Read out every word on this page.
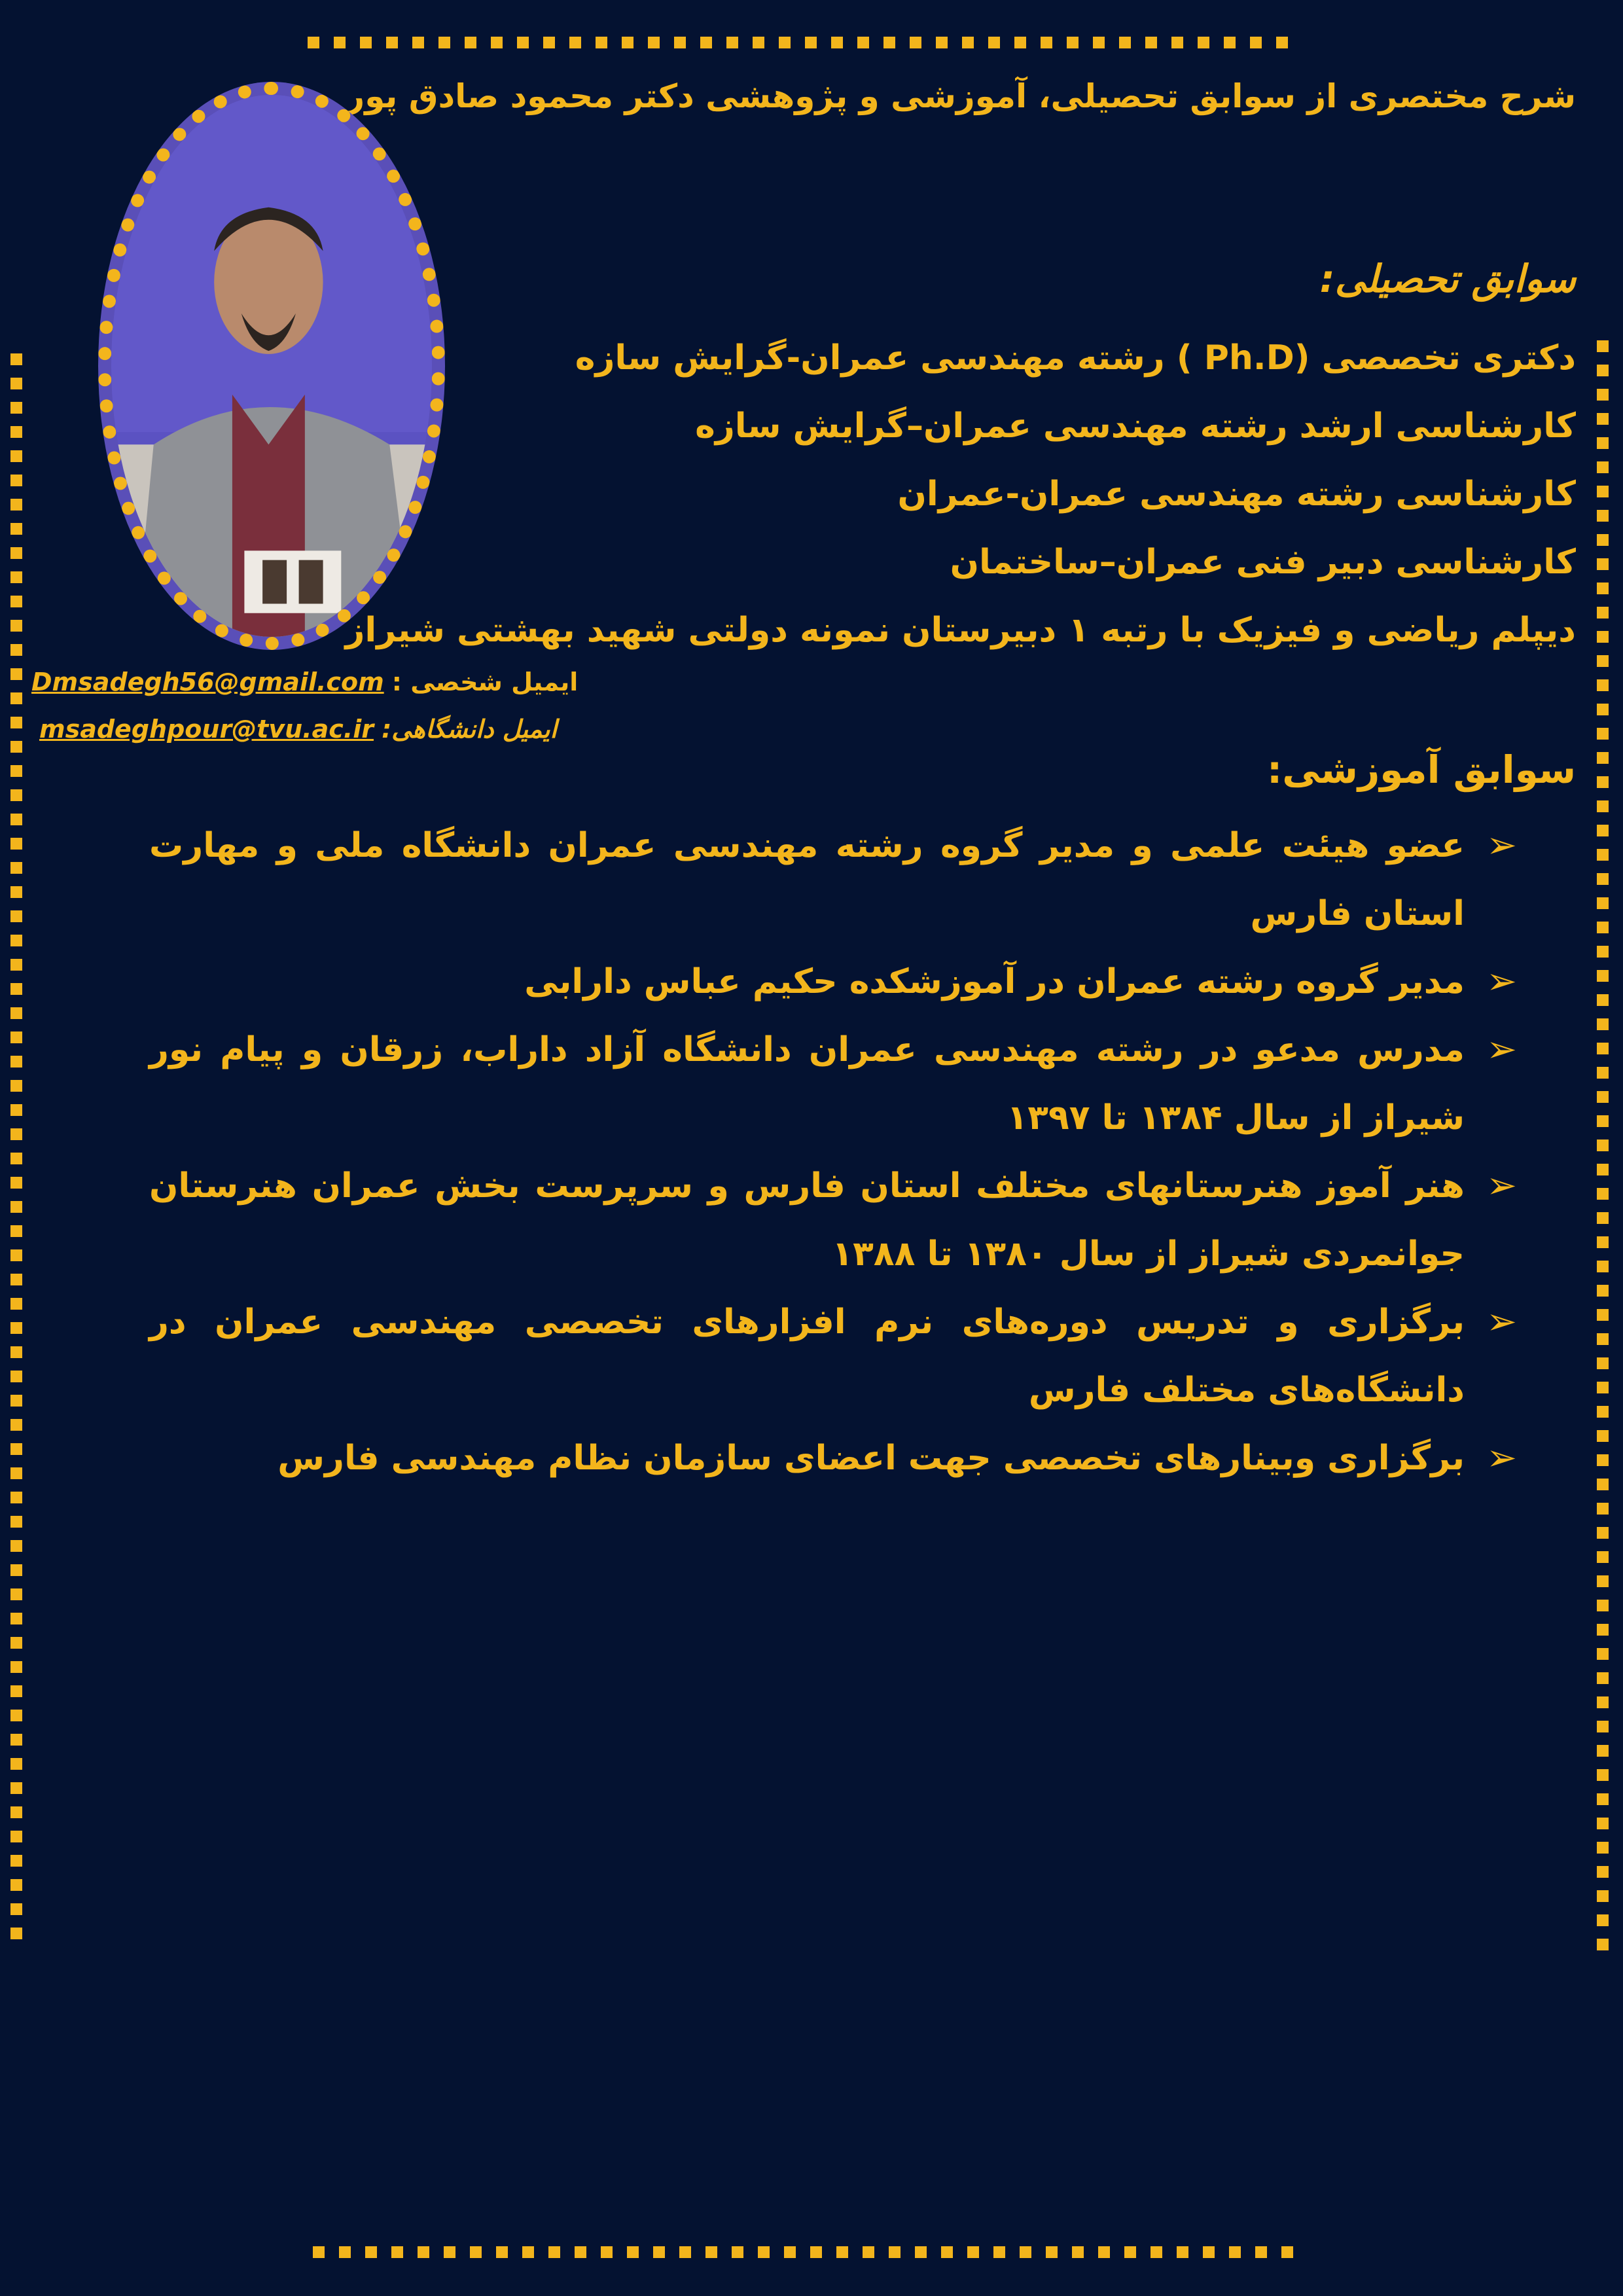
شرح مختصری از سوابق تحصیلی، آموزشی و پژوهشی دکتر محمود صادق پور
سوابق تحصیلی:
دکتری تخصصی (Ph.D ) رشته مهندسی عمران-گرایش سازه
کارشناسی ارشد رشته مهندسی عمران–گرایش سازه
کارشناسی رشته مهندسی عمران-عمران
کارشناسی دبیر فنی عمران–ساختمان
دیپلم ریاضی و فیزیک با رتبه ۱ دبیرستان نمونه دولتی شهید بهشتی شیراز
Dmsadegh56@gmail.com ایمیل شخصی :
msadeghpour@tvu.ac.ir ایمیل دانشگاهی:
سوابق آموزشی:
➢
عضو هیئت علمی و مدیر گروه رشته مهندسی عمران دانشگاه ملی و مهارت استان فارس
➢
مدیر گروه رشته عمران در آموزشکده حکیم عباس دارابی
➢
مدرس مدعو در رشته مهندسی عمران دانشگاه آزاد داراب، زرقان و پیام نور شیراز از سال ۱۳۸۴ تا ۱۳۹۷
➢
هنر آموز هنرستانهای مختلف استان فارس و سرپرست بخش عمران هنرستان جوانمردی شیراز از سال ۱۳۸۰ تا ۱۳۸۸
➢
برگزاری و تدریس دوره‌های نرم افزارهای تخصصی مهندسی عمران در دانشگاه‌های مختلف فارس
➢
برگزاری وبینارهای تخصصی جهت اعضای سازمان نظام مهندسی فارس
